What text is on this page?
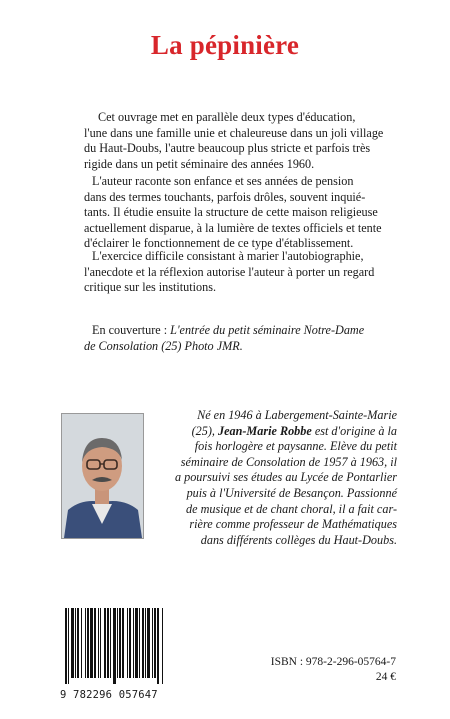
La pépinière
Cet ouvrage met en parallèle deux types d'éducation,
l'une dans une famille unie et chaleureuse dans un joli village
du Haut-Doubs, l'autre beaucoup plus stricte et parfois très
rigide dans un petit séminaire des années 1960.
L'auteur raconte son enfance et ses années de pension
dans des termes touchants, parfois drôles, souvent inquié-
tants. Il étudie ensuite la structure de cette maison religieuse
actuellement disparue, à la lumière de textes officiels et tente
d'éclairer le fonctionnement de ce type d'établissement.
L'exercice difficile consistant à marier l'autobiographie,
l'anecdote et la réflexion autorise l'auteur à porter un regard
critique sur les institutions.
En couverture : L'entrée du petit séminaire Notre-Dame
de Consolation (25) Photo JMR.
Né en 1946 à Labergement-Sainte-Marie
(25), Jean-Marie Robbe est d'origine à la
fois horlogère et paysanne. Elève du petit
séminaire de Consolation de 1957 à 1963, il
a poursuivi ses études au Lycée de Pontarlier
puis à l'Université de Besançon. Passionné
de musique et de chant choral, il a fait car-
rière comme professeur de Mathématiques
dans différents collèges du Haut-Doubs.
9 782296 057647
ISBN : 978-2-296-05764-7
24 €
